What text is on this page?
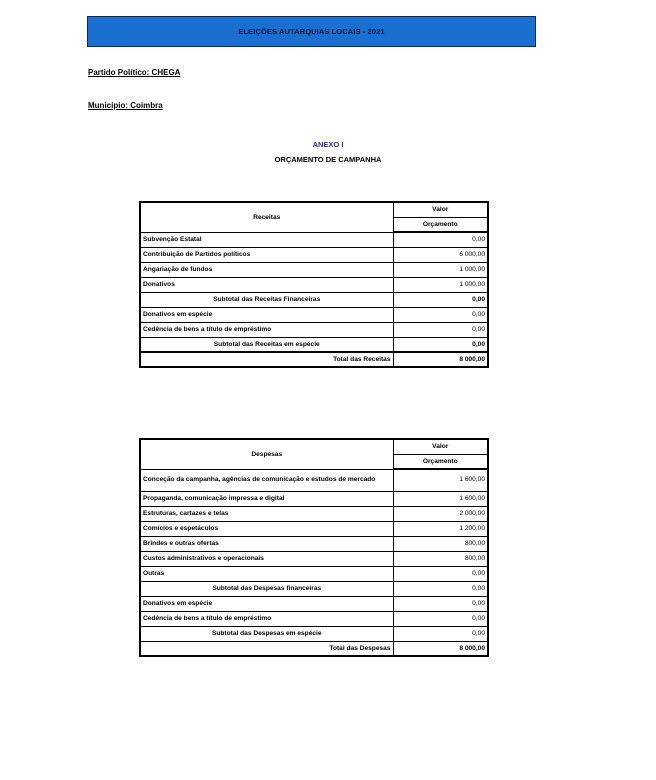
ELEIÇÕES AUTARQUIAS LOCAIS - 2021
Partido Político: CHEGA
Município: Coimbra
ANEXO I
ORÇAMENTO DE CAMPANHA
Receitas	Valor
	Orçamento
Subvenção Estatal	0,00
Contribuição de Partidos políticos	6 000,00
Angariação de fundos	1 000,00
Donativos	1 000,00
Subtotal das Receitas Financeiras	0,00
Donativos em espécie	0,00
Cedência de bens a título de empréstimo	0,00
Subtotal das Receitas em espécie	0,00
Total das Receitas	8 000,00
Despesas	Valor
	Orçamento
Conceção da campanha, agências de comunicação e estudos de mercado	1 600,00
Propaganda, comunicação impressa e digital	1 600,00
Estruturas, cartazes e telas	2 000,00
Comícios e espetáculos	1 200,00
Brindes e outras ofertas	800,00
Custos administrativos e operacionais	800,00
Outras	0,00
Subtotal das Despesas financeiras	0,00
Donativos em espécie	0,00
Cedência de bens a título de empréstimo	0,00
Subtotal das Despesas em espécie	0,00
Total das Despesas	8 000,00
